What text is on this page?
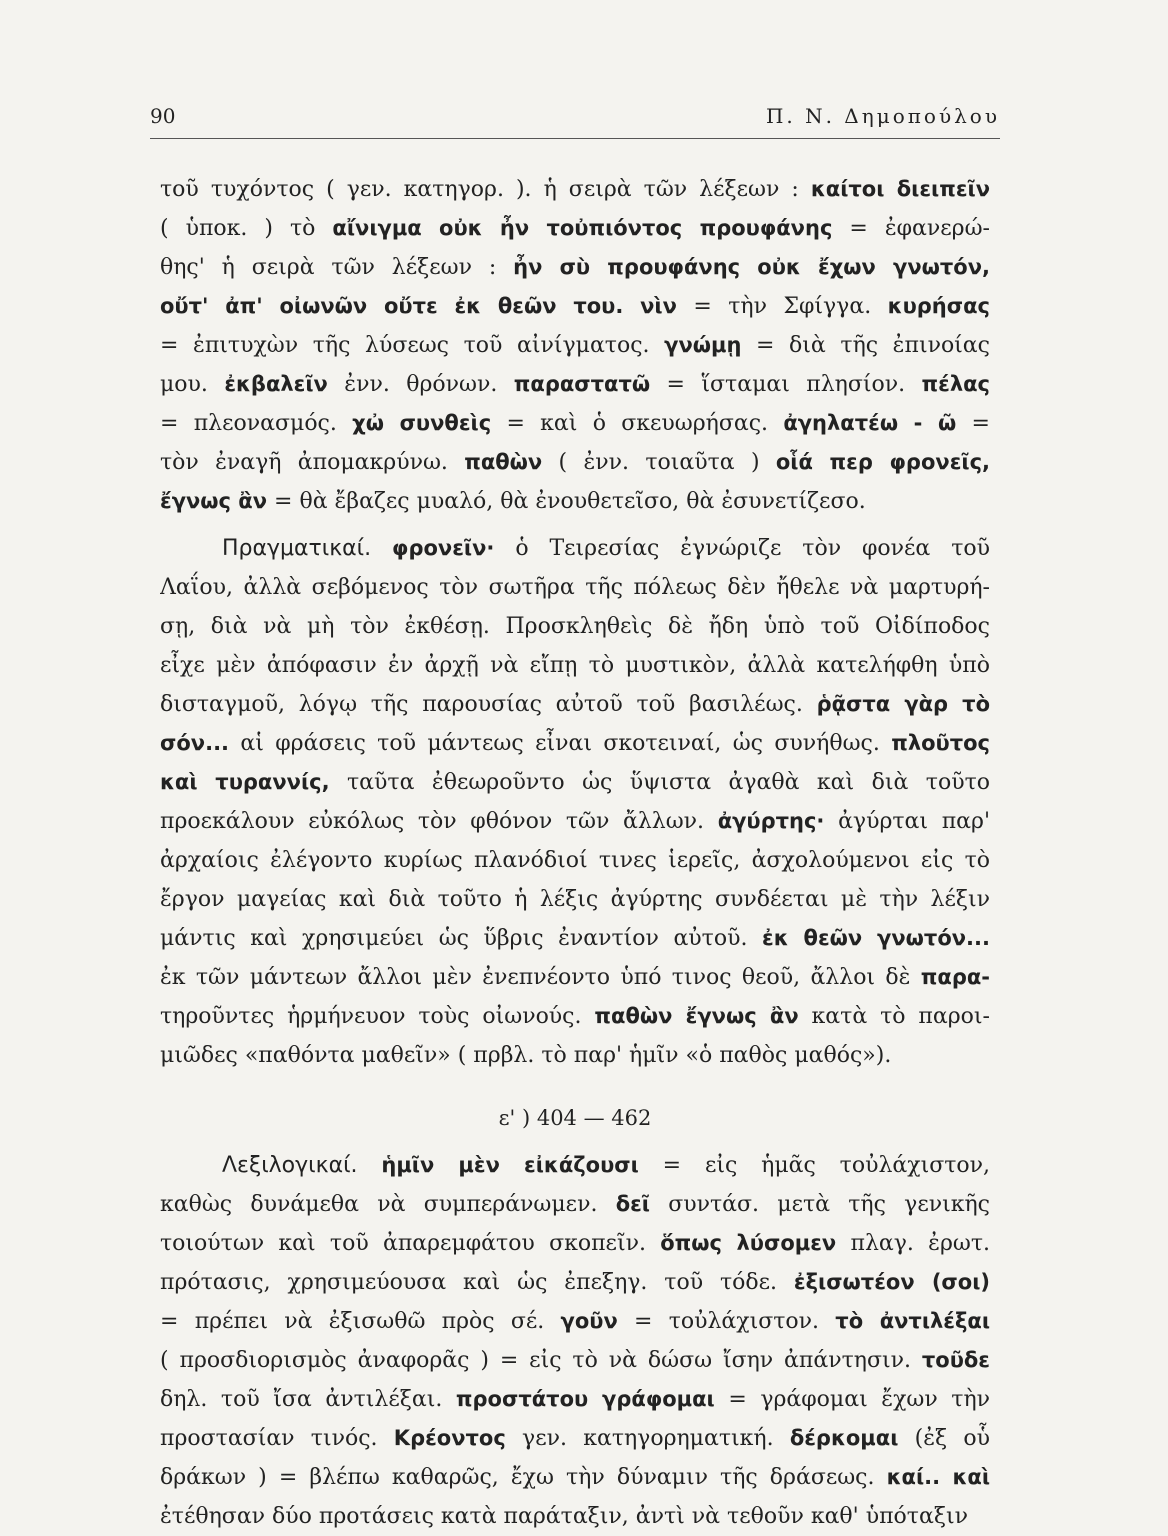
90	Π. Ν. Δημοπούλου
τοῦ τυχόντος ( γεν. κατηγορ. ). ἡ σειρὰ τῶν λέξεων : καίτοι διειπεῖν
( ὑποκ. ) τὸ αἴνιγμα οὐκ ἦν τοὐπιόντος προυφάνης = ἐφανερώ-
θης' ἡ σειρὰ τῶν λέξεων : ἦν σὺ προυφάνης οὐκ ἔχων γνωτόν,
οὔτ' ἀπ' οἰωνῶν οὔτε ἐκ θεῶν του. νὶν = τὴν Σφίγγα. κυρήσας
= ἐπιτυχὼν τῆς λύσεως τοῦ αἰνίγματος. γνώμῃ = διὰ τῆς ἐπινοίας
μου. ἐκβαλεῖν ἐνν. θρόνων. παραστατῶ = ἵσταμαι πλησίον. πέλας
= πλεονασμός. χὠ συνθεὶς = καὶ ὁ σκευωρήσας. ἀγηλατέω - ῶ =
τὸν ἐναγῆ ἀπομακρύνω. παθὼν ( ἐνν. τοιαῦτα ) οἷά περ φρονεῖς,
ἔγνως ἂν = θὰ ἔβαζες μυαλό, θὰ ἐνουθετεῖσο, θὰ ἐσυνετίζεσο.
Πραγματικαί. φρονεῖν· ὁ Τειρεσίας ἐγνώριζε τὸν φονέα τοῦ
Λαΐου, ἀλλὰ σεβόμενος τὸν σωτῆρα τῆς πόλεως δὲν ἤθελε νὰ μαρτυρή-
σῃ, διὰ νὰ μὴ τὸν ἐκθέσῃ. Προσκληθεὶς δὲ ἤδη ὑπὸ τοῦ Οἰδίποδος
εἶχε μὲν ἀπόφασιν ἐν ἀρχῇ νὰ εἴπῃ τὸ μυστικὸν, ἀλλὰ κατελήφθη ὑπὸ
δισταγμοῦ, λόγῳ τῆς παρουσίας αὐτοῦ τοῦ βασιλέως. ῥᾷστα γὰρ τὸ
σόν... αἱ φράσεις τοῦ μάντεως εἶναι σκοτειναί, ὡς συνήθως. πλοῦτος
καὶ τυραννίς, ταῦτα ἐθεωροῦντο ὡς ὕψιστα ἀγαθὰ καὶ διὰ τοῦτο
προεκάλουν εὐκόλως τὸν φθόνον τῶν ἄλλων. ἀγύρτης· ἀγύρται παρ'
ἀρχαίοις ἐλέγοντο κυρίως πλανόδιοί τινες ἱερεῖς, ἀσχολούμενοι εἰς τὸ
ἔργον μαγείας καὶ διὰ τοῦτο ἡ λέξις ἀγύρτης συνδέεται μὲ τὴν λέξιν
μάντις καὶ χρησιμεύει ὡς ὕβρις ἐναντίον αὐτοῦ. ἐκ θεῶν γνωτόν...
ἐκ τῶν μάντεων ἄλλοι μὲν ἐνεπνέοντο ὑπό τινος θεοῦ, ἄλλοι δὲ παρα-
τηροῦντες ἡρμήνευον τοὺς οἰωνούς. παθὼν ἔγνως ἂν κατὰ τὸ παροι-
μιῶδες «παθόντα μαθεῖν» ( πρβλ. τὸ παρ' ἡμῖν «ὁ παθὸς μαθός»).
ε' ) 404 — 462
Λεξιλογικαί. ἡμῖν μὲν εἰκάζουσι = εἰς ἡμᾶς τοὐλάχιστον,
καθὼς δυνάμεθα νὰ συμπεράνωμεν. δεῖ συντάσ. μετὰ τῆς γενικῆς
τοιούτων καὶ τοῦ ἀπαρεμφάτου σκοπεῖν. ὅπως λύσομεν πλαγ. ἐρωτ.
πρότασις, χρησιμεύουσα καὶ ὡς ἐπεξηγ. τοῦ τόδε. ἐξισωτέον (σοι)
= πρέπει νὰ ἐξισωθῶ πρὸς σέ. γοῦν = τοὐλάχιστον. τὸ ἀντιλέξαι
( προσδιορισμὸς ἀναφορᾶς ) = εἰς τὸ νὰ δώσω ἴσην ἀπάντησιν. τοῦδε
δηλ. τοῦ ἴσα ἀντιλέξαι. προστάτου γράφομαι = γράφομαι ἔχων τὴν
προστασίαν τινός. Κρέοντος γεν. κατηγορηματική. δέρκομαι (ἐξ οὗ
δράκων ) = βλέπω καθαρῶς, ἔχω τὴν δύναμιν τῆς δράσεως. καί.. καὶ
ἐτέθησαν δύο προτάσεις κατὰ παράταξιν, ἀντὶ νὰ τεθοῦν καθ' ὑπόταξιν
